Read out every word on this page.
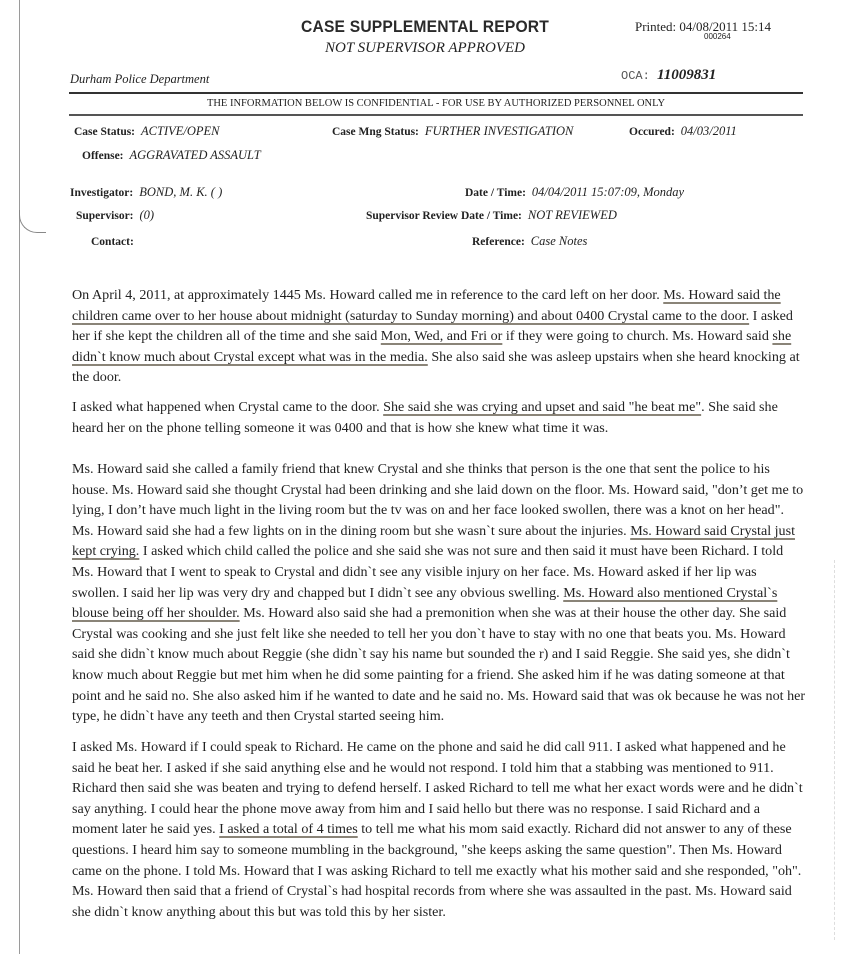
CASE SUPPLEMENTAL REPORT
NOT SUPERVISOR APPROVED
Printed: 04/08/2011 15:14
000264
Durham Police Department	OCA: 11009831
THE INFORMATION BELOW IS CONFIDENTIAL - FOR USE BY AUTHORIZED PERSONNEL ONLY
Case Status: ACTIVE/OPEN	Case Mng Status: FURTHER INVESTIGATION	Occured: 04/03/2011
Offense: AGGRAVATED ASSAULT
Investigator: BOND, M. K. ( )	Date / Time: 04/04/2011 15:07:09, Monday
Supervisor: (0)	Supervisor Review Date / Time: NOT REVIEWED
Contact:	Reference: Case Notes

On April 4, 2011, at approximately 1445 Ms. Howard called me in reference to the card left on her door. Ms. Howard said the children came over to her house about midnight (saturday to Sunday morning) and about 0400 Crystal came to the door. I asked her if she kept the children all of the time and she said Mon, Wed, and Fri or if they were going to church. Ms. Howard said she didn`t know much about Crystal except what was in the media. She also said she was asleep upstairs when she heard knocking at the door.

I asked what happened when Crystal came to the door. She said she was crying and upset and said "he beat me". She said she heard her on the phone telling someone it was 0400 and that is how she knew what time it was.

Ms. Howard said she called a family friend that knew Crystal and she thinks that person is the one that sent the police to his house. Ms. Howard said she thought Crystal had been drinking and she laid down on the floor. Ms. Howard said, "don’t get me to lying, I don’t have much light in the living room but the tv was on and her face looked swollen, there was a knot on her head". Ms. Howard said she had a few lights on in the dining room but she wasn`t sure about the injuries. Ms. Howard said Crystal just kept crying. I asked which child called the police and she said she was not sure and then said it must have been Richard. I told Ms. Howard that I went to speak to Crystal and didn`t see any visible injury on her face. Ms. Howard asked if her lip was swollen. I said her lip was very dry and chapped but I didn`t see any obvious swelling. Ms. Howard also mentioned Crystal`s blouse being off her shoulder. Ms. Howard also said she had a premonition when she was at their house the other day. She said Crystal was cooking and she just felt like she needed to tell her you don`t have to stay with no one that beats you. Ms. Howard said she didn`t know much about Reggie (she didn`t say his name but sounded the r) and I said Reggie. She said yes, she didn`t know much about Reggie but met him when he did some painting for a friend. She asked him if he was dating someone at that point and he said no. She also asked him if he wanted to date and he said no. Ms. Howard said that was ok because he was not her type, he didn`t have any teeth and then Crystal started seeing him.

I asked Ms. Howard if I could speak to Richard. He came on the phone and said he did call 911. I asked what happened and he said he beat her. I asked if she said anything else and he would not respond. I told him that a stabbing was mentioned to 911. Richard then said she was beaten and trying to defend herself. I asked Richard to tell me what her exact words were and he didn`t say anything. I could hear the phone move away from him and I said hello but there was no response. I said Richard and a moment later he said yes. I asked a total of 4 times to tell me what his mom said exactly. Richard did not answer to any of these questions. I heard him say to someone mumbling in the background, "she keeps asking the same question". Then Ms. Howard came on the phone. I told Ms. Howard that I was asking Richard to tell me exactly what his mother said and she responded, "oh". Ms. Howard then said that a friend of Crystal`s had hospital records from where she was assaulted in the past. Ms. Howard said she didn`t know anything about this but was told this by her sister.
